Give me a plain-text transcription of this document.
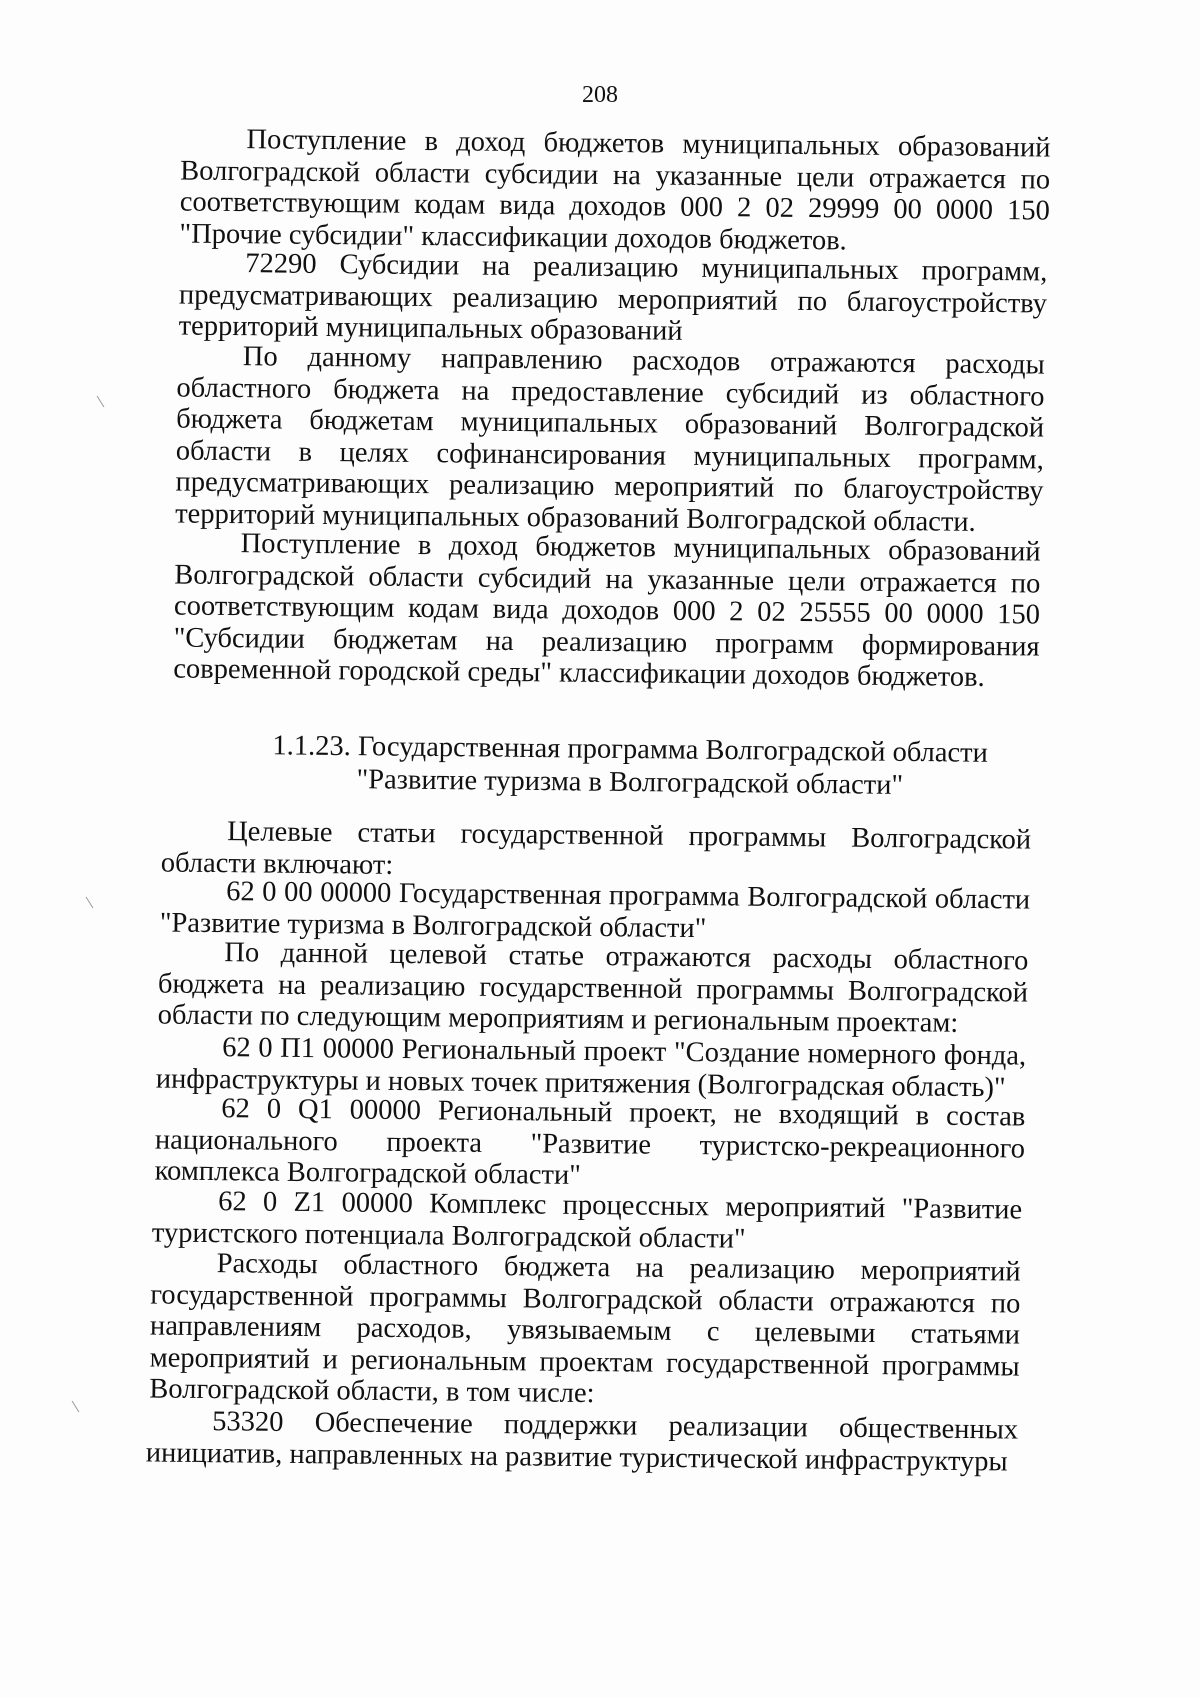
208

Поступление в доход бюджетов муниципальных образований Волгоградской области субсидии на указанные цели отражается по соответствующим кодам вида доходов 000 2 02 29999 00 0000 150 "Прочие субсидии" классификации доходов бюджетов.

72290 Субсидии на реализацию муниципальных программ, предусматривающих реализацию мероприятий по благоустройству территорий муниципальных образований

По данному направлению расходов отражаются расходы областного бюджета на предоставление субсидий из областного бюджета бюджетам муниципальных образований Волгоградской области в целях софинансирования муниципальных программ, предусматривающих реализацию мероприятий по благоустройству территорий муниципальных образований Волгоградской области.

Поступление в доход бюджетов муниципальных образований Волгоградской области субсидий на указанные цели отражается по соответствующим кодам вида доходов 000 2 02 25555 00 0000 150 "Субсидии бюджетам на реализацию программ формирования современной городской среды" классификации доходов бюджетов.

1.1.23. Государственная программа Волгоградской области
"Развитие туризма в Волгоградской области"

Целевые статьи государственной программы Волгоградской области включают:

62 0 00 00000 Государственная программа Волгоградской области "Развитие туризма в Волгоградской области"

По данной целевой статье отражаются расходы областного бюджета на реализацию государственной программы Волгоградской области по следующим мероприятиям и региональным проектам:

62 0 П1 00000 Региональный проект "Создание номерного фонда, инфраструктуры и новых точек притяжения (Волгоградская область)"

62 0 Q1 00000 Региональный проект, не входящий в состав национального проекта "Развитие туристско-рекреационного комплекса Волгоградской области"

62 0 Z1 00000 Комплекс процессных мероприятий "Развитие туристского потенциала Волгоградской области"

Расходы областного бюджета на реализацию мероприятий государственной программы Волгоградской области отражаются по направлениям расходов, увязываемым с целевыми статьями мероприятий и региональным проектам государственной программы Волгоградской области, в том числе:

53320 Обеспечение поддержки реализации общественных инициатив, направленных на развитие туристической инфраструктуры
